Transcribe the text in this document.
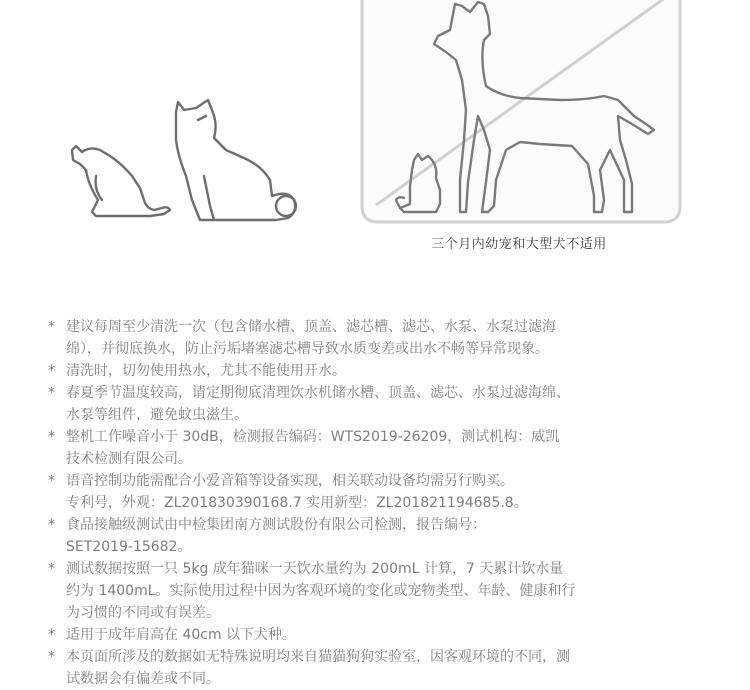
三个月内幼宠和大型犬不适用
* 建议每周至少清洗一次（包含储水槽、顶盖、滤芯槽、滤芯、水泵、水泵过滤海
绵），并彻底换水，防止污垢堵塞滤芯槽导致水质变差或出水不畅等异常现象。
* 清洗时，切勿使用热水，尤其不能使用开水。
* 春夏季节温度较高，请定期彻底清理饮水机储水槽、顶盖、滤芯、水泵过滤海绵、
水泵等组件，避免蚊虫滋生。
* 整机工作噪音小于 30dB，检测报告编码：WTS2019-26209，测试机构：威凯
技术检测有限公司。
* 语音控制功能需配合小爱音箱等设备实现，相关联动设备均需另行购买。
专利号，外观：ZL201830390168.7 实用新型：ZL201821194685.8。
* 食品接触级测试由中检集团南方测试股份有限公司检测，报告编号：
SET2019-15682。
* 测试数据按照一只 5kg 成年猫咪一天饮水量约为 200mL 计算，7 天累计饮水量
约为 1400mL。实际使用过程中因为客观环境的变化或宠物类型、年龄、健康和行
为习惯的不同或有误差。
* 适用于成年肩高在 40cm 以下犬种。
* 本页面所涉及的数据如无特殊说明均来自猫猫狗狗实验室，因客观环境的不同，测
试数据会有偏差或不同。
